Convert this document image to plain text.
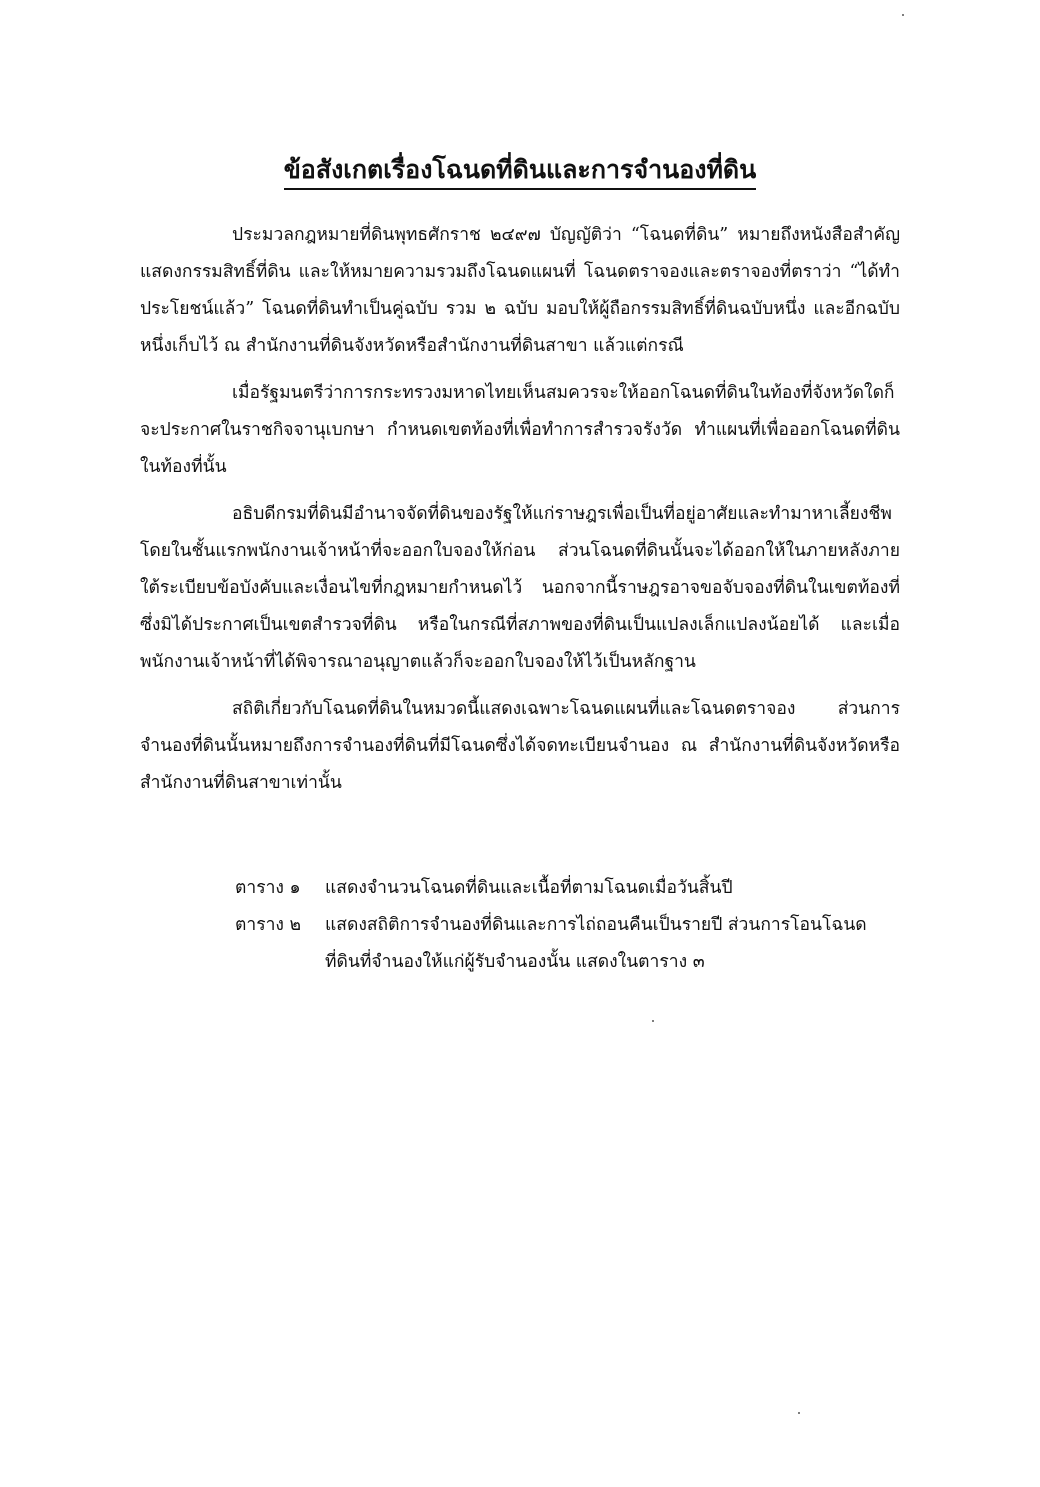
ข้อสังเกตเรื่องโฉนดที่ดินและการจำนองที่ดิน

ประมวลกฎหมายที่ดินพุทธศักราช ๒๔๙๗ บัญญัติว่า “โฉนดที่ดิน” หมายถึงหนังสือสำคัญแสดงกรรมสิทธิ์ที่ดิน และให้หมายความรวมถึงโฉนดแผนที่ โฉนดตราจองและตราจองที่ตราว่า “ได้ทำประโยชน์แล้ว” โฉนดที่ดินทำเป็นคู่ฉบับ รวม ๒ ฉบับ มอบให้ผู้ถือกรรมสิทธิ์ที่ดินฉบับหนึ่ง และอีกฉบับหนึ่งเก็บไว้ ณ สำนักงานที่ดินจังหวัดหรือสำนักงานที่ดินสาขา แล้วแต่กรณี

เมื่อรัฐมนตรีว่าการกระทรวงมหาดไทยเห็นสมควรจะให้ออกโฉนดที่ดินในท้องที่จังหวัดใดก็จะประกาศในราชกิจจานุเบกษา กำหนดเขตท้องที่เพื่อทำการสำรวจรังวัด ทำแผนที่เพื่อออกโฉนดที่ดินในท้องที่นั้น

อธิบดีกรมที่ดินมีอำนาจจัดที่ดินของรัฐให้แก่ราษฎรเพื่อเป็นที่อยู่อาศัยและทำมาหาเลี้ยงชีพ โดยในชั้นแรกพนักงานเจ้าหน้าที่จะออกใบจองให้ก่อน ส่วนโฉนดที่ดินนั้นจะได้ออกให้ในภายหลังภายใต้ระเบียบข้อบังคับและเงื่อนไขที่กฎหมายกำหนดไว้ นอกจากนี้ราษฎรอาจขอจับจองที่ดินในเขตท้องที่ซึ่งมิได้ประกาศเป็นเขตสำรวจที่ดิน หรือในกรณีที่สภาพของที่ดินเป็นแปลงเล็กแปลงน้อยได้ และเมื่อพนักงานเจ้าหน้าที่ได้พิจารณาอนุญาตแล้วก็จะออกใบจองให้ไว้เป็นหลักฐาน

สถิติเกี่ยวกับโฉนดที่ดินในหมวดนี้แสดงเฉพาะโฉนดแผนที่และโฉนดตราจอง ส่วนการจำนองที่ดินนั้นหมายถึงการจำนองที่ดินที่มีโฉนดซึ่งได้จดทะเบียนจำนอง ณ สำนักงานที่ดินจังหวัดหรือสำนักงานที่ดินสาขาเท่านั้น

ตาราง ๑	แสดงจำนวนโฉนดที่ดินและเนื้อที่ตามโฉนดเมื่อวันสิ้นปี
ตาราง ๒	แสดงสถิติการจำนองที่ดินและการไถ่ถอนคืนเป็นรายปี ส่วนการโอนโฉนดที่ดินที่จำนองให้แก่ผู้รับจำนองนั้น แสดงในตาราง ๓
